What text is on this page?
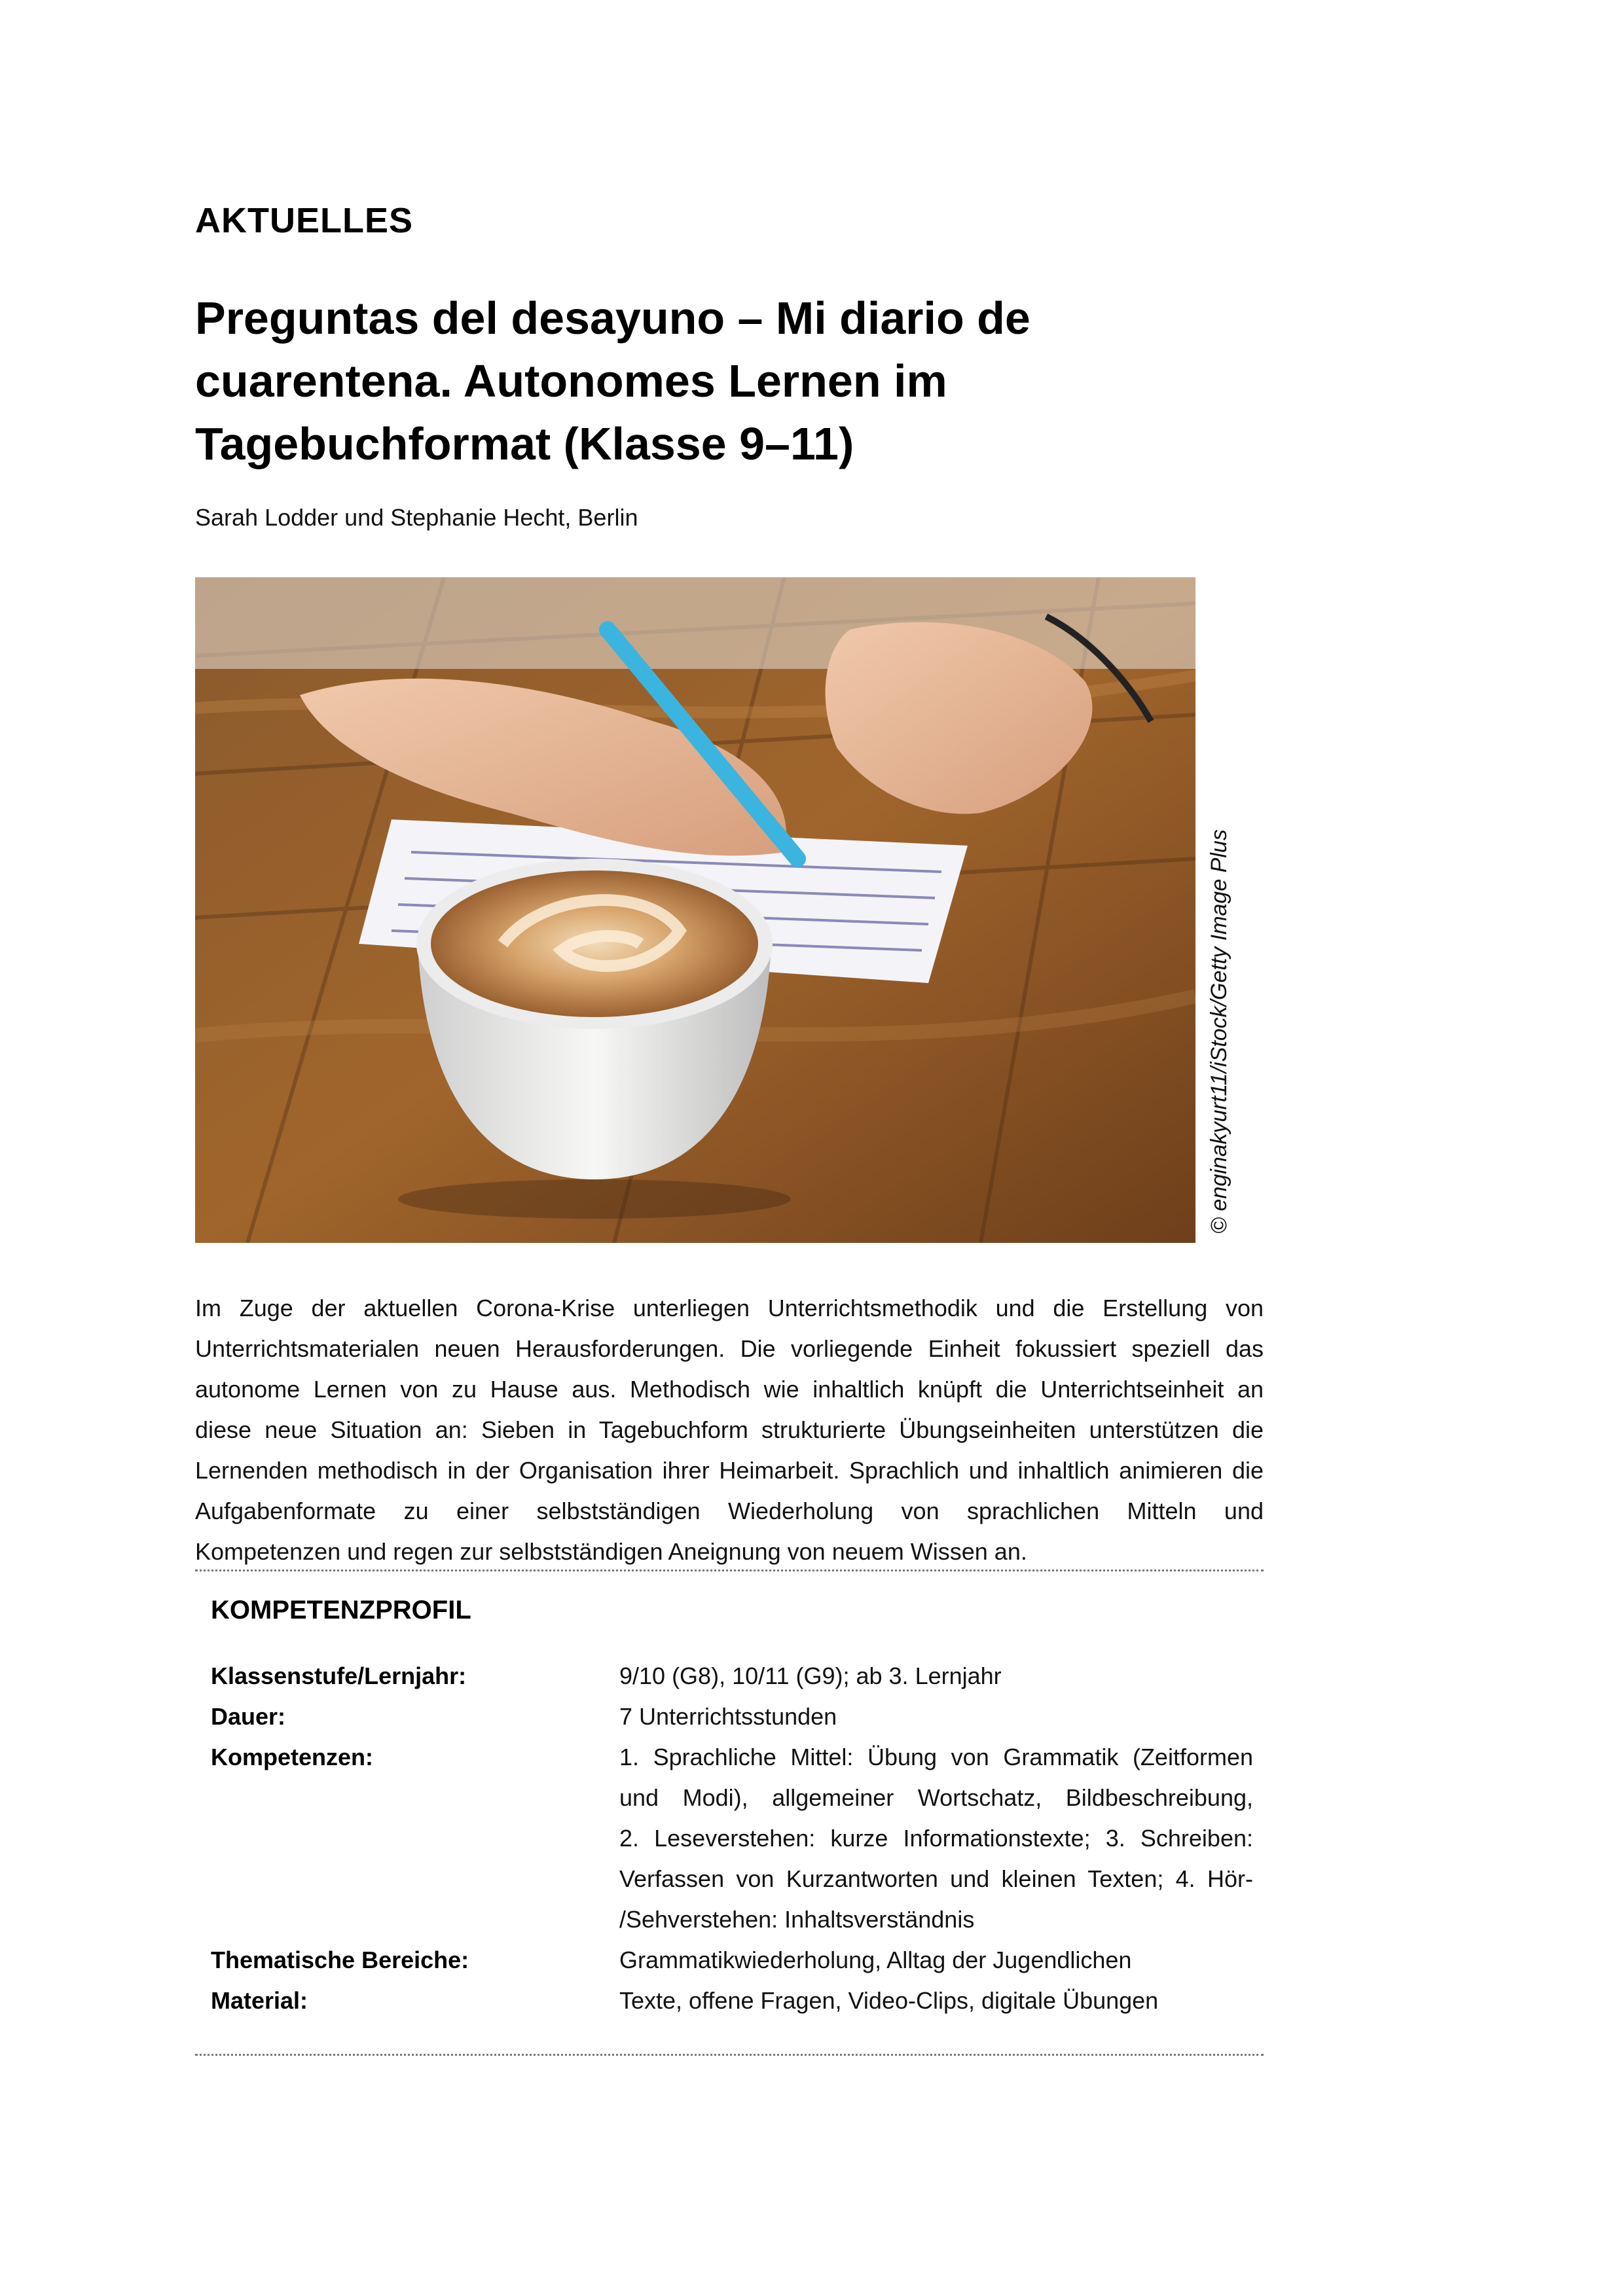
AKTUELLES
Preguntas del desayuno – Mi diario de
cuarentena. Autonomes Lernen im
Tagebuchformat (Klasse 9–11)
Sarah Lodder und Stephanie Hecht, Berlin
© enginakyurt11/iStock/Getty Image Plus
Im Zuge der aktuellen Corona-Krise unterliegen Unterrichtsmethodik und die Erstellung von
Unterrichtsmaterialen neuen Herausforderungen. Die vorliegende Einheit fokussiert speziell das
autonome Lernen von zu Hause aus. Methodisch wie inhaltlich knüpft die Unterrichtseinheit an
diese neue Situation an: Sieben in Tagebuchform strukturierte Übungseinheiten unterstützen die
Lernenden methodisch in der Organisation ihrer Heimarbeit. Sprachlich und inhaltlich animieren die
Aufgabenformate zu einer selbstständigen Wiederholung von sprachlichen Mitteln und
Kompetenzen und regen zur selbstständigen Aneignung von neuem Wissen an.
KOMPETENZPROFIL
Klassenstufe/Lernjahr:	9/10 (G8), 10/11 (G9); ab 3. Lernjahr
Dauer:	7 Unterrichtsstunden
Kompetenzen:	1. Sprachliche Mittel: Übung von Grammatik (Zeitformen
und Modi), allgemeiner Wortschatz, Bildbeschreibung,
2. Leseverstehen: kurze Informationstexte; 3. Schreiben:
Verfassen von Kurzantworten und kleinen Texten; 4. Hör-
/Sehverstehen: Inhaltsverständnis
Thematische Bereiche:	Grammatikwiederholung, Alltag der Jugendlichen
Material:	Texte, offene Fragen, Video-Clips, digitale Übungen
